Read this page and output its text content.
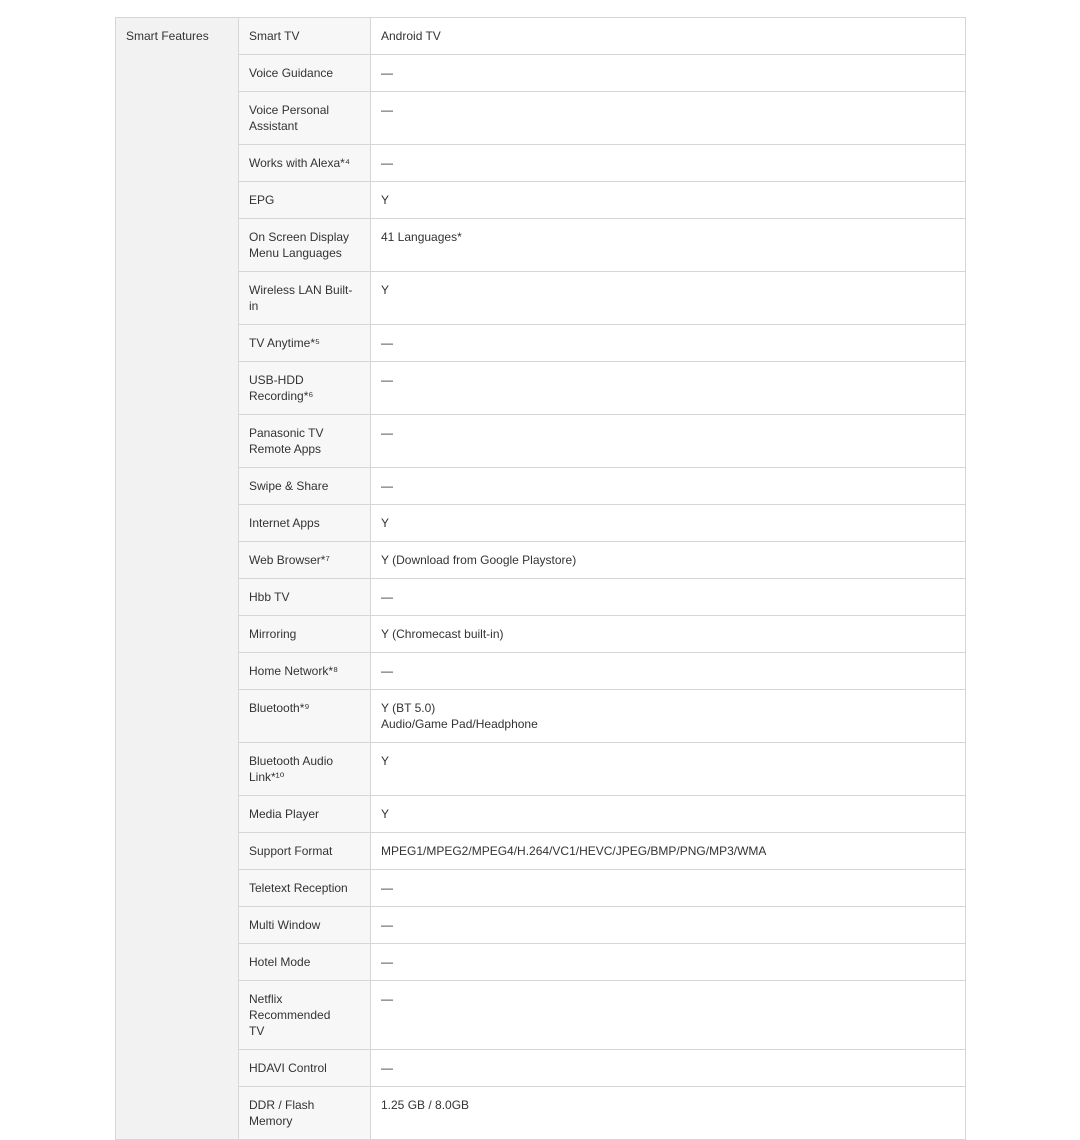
Smart Features	Smart TV	Android TV
	Voice Guidance	—
	Voice Personal
Assistant	—
	Works with Alexa*⁴	—
	EPG	Y
	On Screen Display
Menu Languages	41 Languages*
	Wireless LAN Built-in	Y
	TV Anytime*⁵	—
	USB-HDD
Recording*⁶	—
	Panasonic TV
Remote Apps	—
	Swipe & Share	—
	Internet Apps	Y
	Web Browser*⁷	Y (Download from Google Playstore)
	Hbb TV	—
	Mirroring	Y (Chromecast built-in)
	Home Network*⁸	—
	Bluetooth*⁹	Y (BT 5.0)
Audio/Game Pad/Headphone
	Bluetooth Audio
Link*¹⁰	Y
	Media Player	Y
	Support Format	MPEG1/MPEG2/MPEG4/H.264/VC1/HEVC/JPEG/BMP/PNG/MP3/WMA
	Teletext Reception	—
	Multi Window	—
	Hotel Mode	—
	Netflix Recommended
TV	—
	HDAVI Control	—
	DDR / Flash Memory	1.25 GB / 8.0GB
